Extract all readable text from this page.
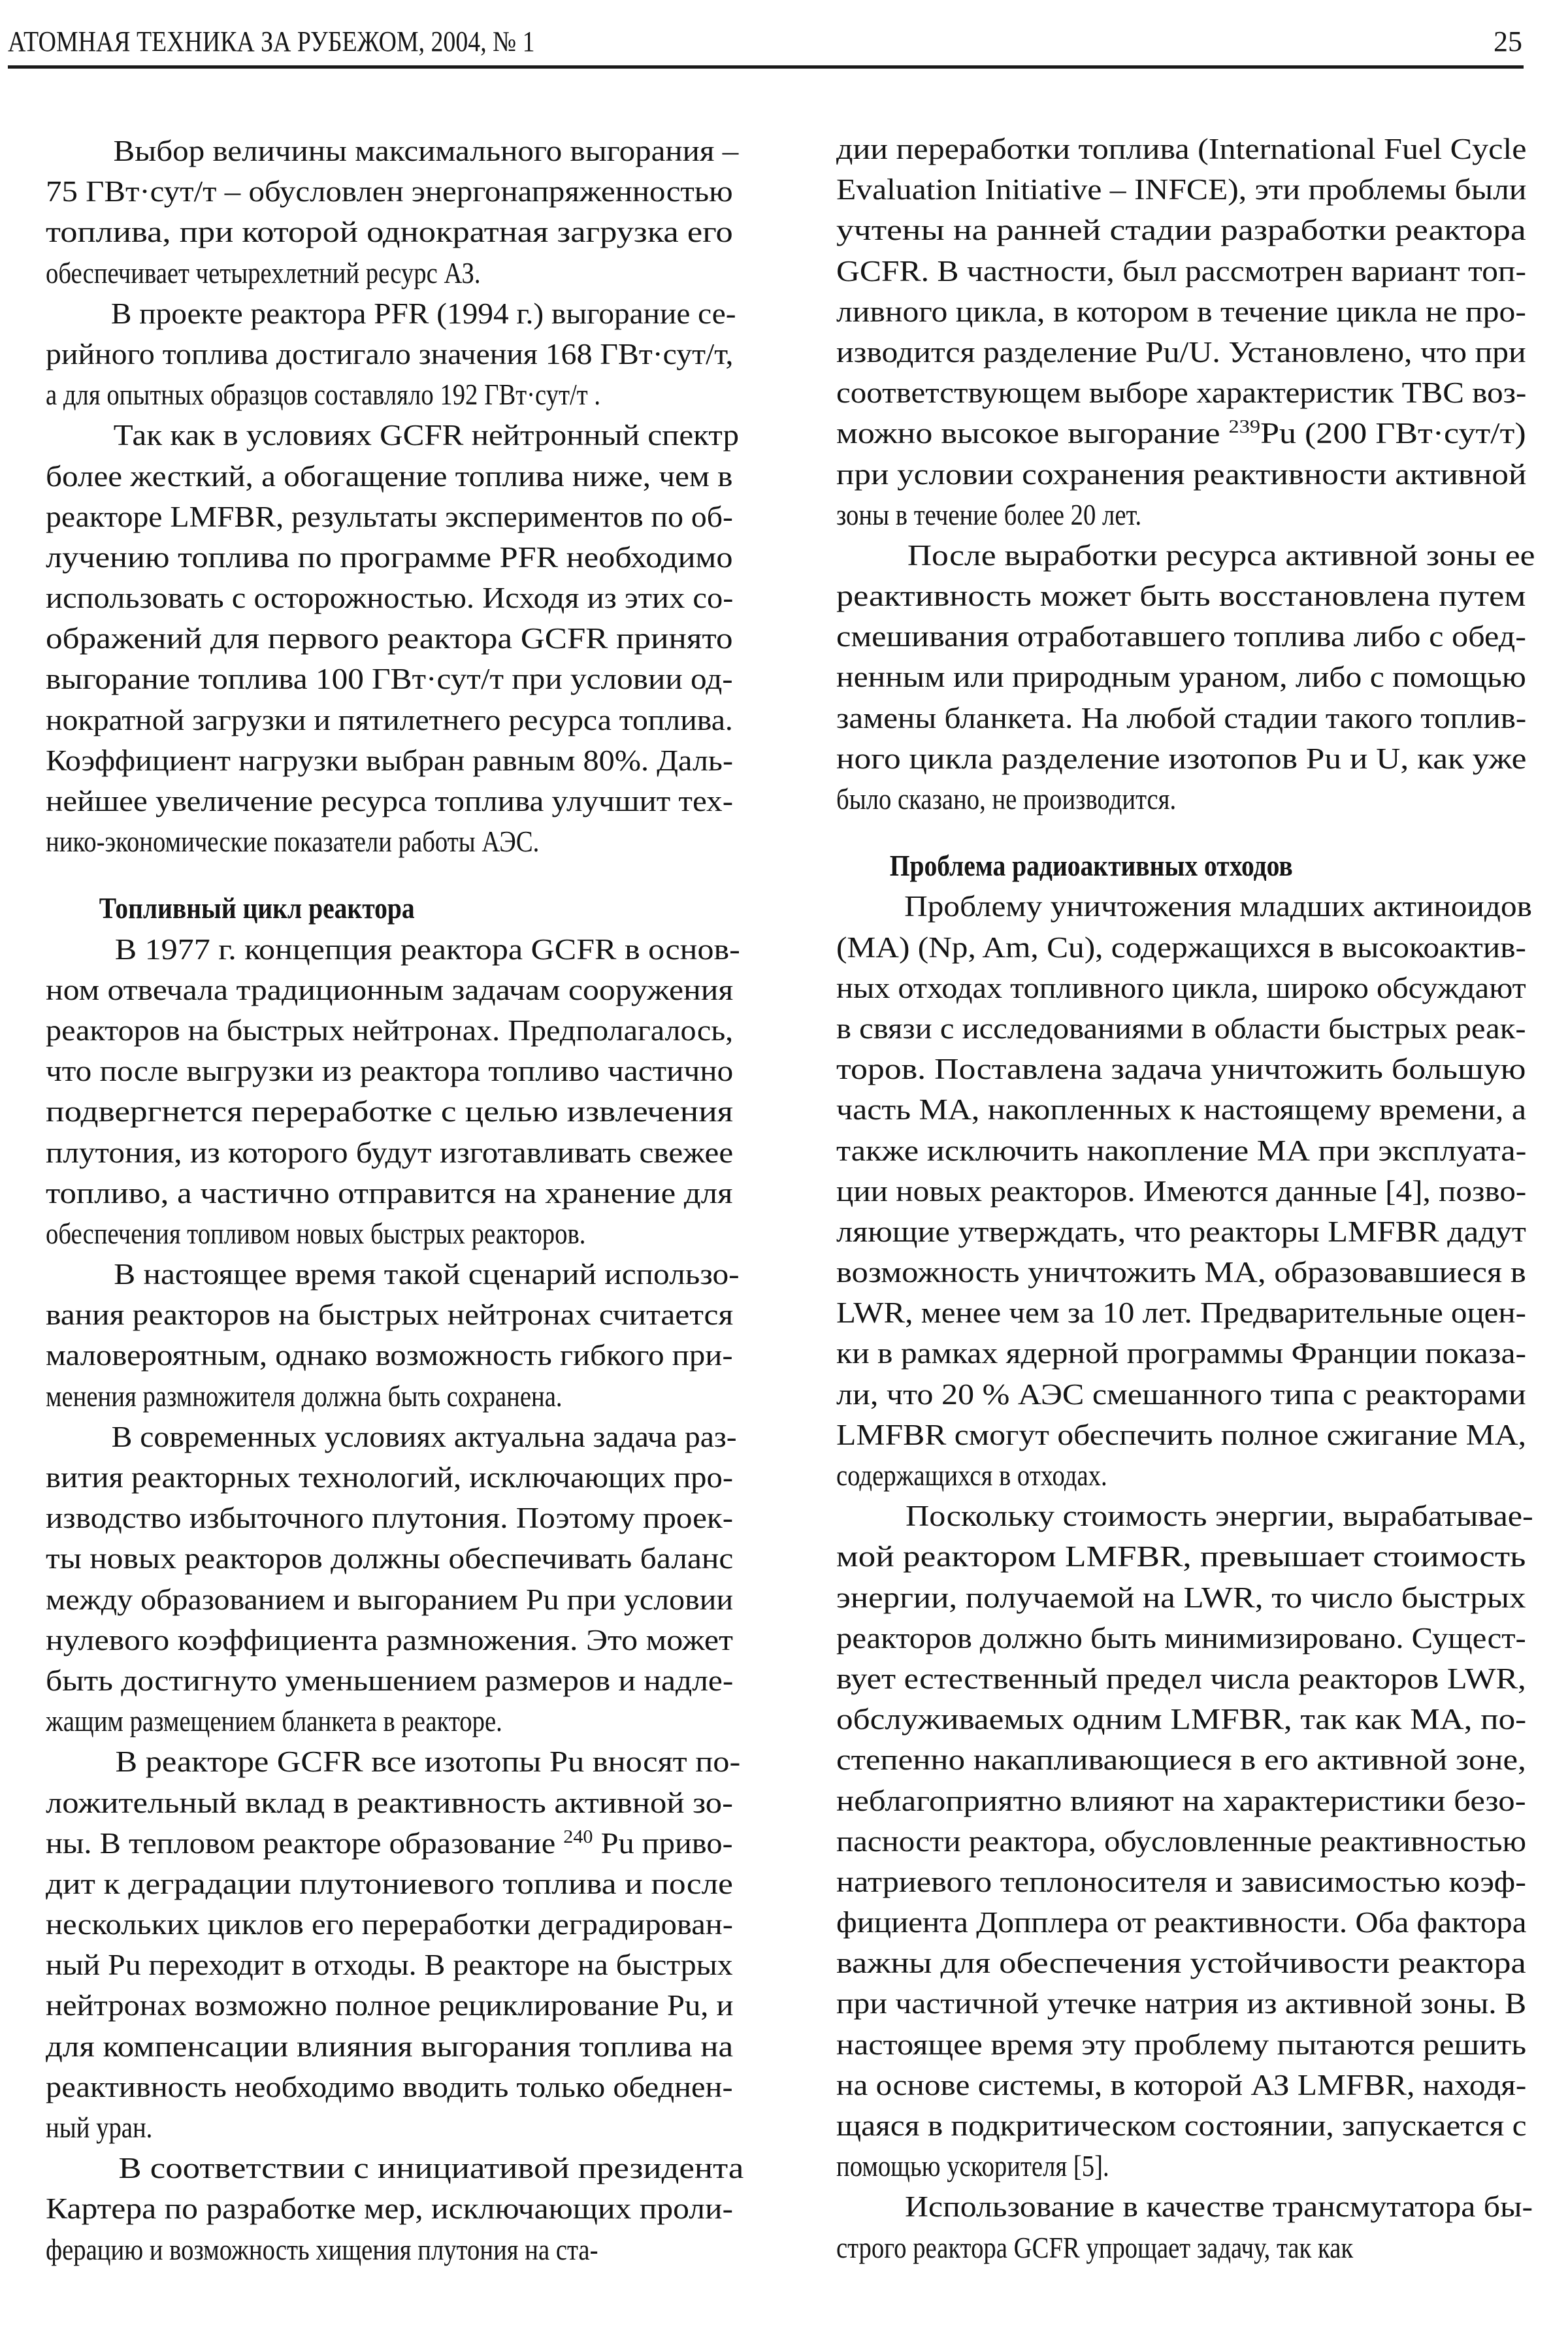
АТОМНАЯ ТЕХНИКА ЗА РУБЕЖОМ, 2004, № 1	25
Выбор величины максимального выгорания –
75 ГВт·сут/т – обусловлен энергонапряженностью
топлива, при которой однократная загрузка его
обеспечивает четырехлетний ресурс АЗ.
В проекте реактора PFR (1994 г.) выгорание се-
рийного топлива достигало значения 168 ГВт·сут/т,
а для опытных образцов составляло 192 ГВт·сут/т .
Так как в условиях GCFR нейтронный спектр
более жесткий, а обогащение топлива ниже, чем в
реакторе LMFBR, результаты экспериментов по об-
лучению топлива по программе PFR необходимо
использовать с осторожностью. Исходя из этих со-
ображений для первого реактора GCFR принято
выгорание топлива 100 ГВт·сут/т при условии од-
нократной загрузки и пятилетнего ресурса топлива.
Коэффициент нагрузки выбран равным 80%. Даль-
нейшее увеличение ресурса топлива улучшит тех-
нико-экономические показатели работы АЭС.
Топливный цикл реактора
В 1977 г. концепция реактора GCFR в основ-
ном отвечала традиционным задачам сооружения
реакторов на быстрых нейтронах. Предполагалось,
что после выгрузки из реактора топливо частично
подвергнется переработке с целью извлечения
плутония, из которого будут изготавливать свежее
топливо, а частично отправится на хранение для
обеспечения топливом новых быстрых реакторов.
В настоящее время такой сценарий использо-
вания реакторов на быстрых нейтронах считается
маловероятным, однако возможность гибкого при-
менения размножителя должна быть сохранена.
В современных условиях актуальна задача раз-
вития реакторных технологий, исключающих про-
изводство избыточного плутония. Поэтому проек-
ты новых реакторов должны обеспечивать баланс
между образованием и выгоранием Pu при условии
нулевого коэффициента размножения. Это может
быть достигнуто уменьшением размеров и надле-
жащим размещением бланкета в реакторе.
В реакторе GCFR все изотопы Pu вносят по-
ложительный вклад в реактивность активной зо-
ны. В тепловом реакторе образование $^{240}$ Pu приво-
дит к деградации плутониевого топлива и после
нескольких циклов его переработки деградирован-
ный Pu переходит в отходы. В реакторе на быстрых
нейтронах возможно полное рециклирование Pu, и
для компенсации влияния выгорания топлива на
реактивность необходимо вводить только обеднен-
ный уран.
В соответствии с инициативой президента
Картера по разработке мер, исключающих проли-
ферацию и возможность хищения плутония на ста-
дии переработки топлива (International Fuel Cycle
Evaluation Initiative – INFCE), эти проблемы были
учтены на ранней стадии разработки реактора
GCFR. В частности, был рассмотрен вариант топ-
ливного цикла, в котором в течение цикла не про-
изводится разделение Pu/U. Установлено, что при
соответствующем выборе характеристик ТВС воз-
можно высокое выгорание $^{239}$Pu (200 ГВт·сут/т)
при условии сохранения реактивности активной
зоны в течение более 20 лет.
После выработки ресурса активной зоны ее
реактивность может быть восстановлена путем
смешивания отработавшего топлива либо с обед-
ненным или природным ураном, либо с помощью
замены бланкета. На любой стадии такого топлив-
ного цикла разделение изотопов Pu и U, как уже
было сказано, не производится.
Проблема радиоактивных отходов
Проблему уничтожения младших актиноидов
(МА) (Np, Am, Cu), содержащихся в высокоактив-
ных отходах топливного цикла, широко обсуждают
в связи с исследованиями в области быстрых реак-
торов. Поставлена задача уничтожить большую
часть МА, накопленных к настоящему времени, а
также исключить накопление МА при эксплуата-
ции новых реакторов. Имеются данные [4], позво-
ляющие утверждать, что реакторы LMFBR дадут
возможность уничтожить МА, образовавшиеся в
LWR, менее чем за 10 лет. Предварительные оцен-
ки в рамках ядерной программы Франции показа-
ли, что 20 % АЭС смешанного типа с реакторами
LMFBR смогут обеспечить полное сжигание МА,
содержащихся в отходах.
Поскольку стоимость энергии, вырабатывае-
мой реактором LMFBR, превышает стоимость
энергии, получаемой на LWR, то число быстрых
реакторов должно быть минимизировано. Сущест-
вует естественный предел числа реакторов LWR,
обслуживаемых одним LMFBR, так как МА, по-
степенно накапливающиеся в его активной зоне,
неблагоприятно влияют на характеристики безо-
пасности реактора, обусловленные реактивностью
натриевого теплоносителя и зависимостью коэф-
фициента Допплера от реактивности. Оба фактора
важны для обеспечения устойчивости реактора
при частичной утечке натрия из активной зоны. В
настоящее время эту проблему пытаются решить
на основе системы, в которой АЗ LMFBR, находя-
щаяся в подкритическом состоянии, запускается с
помощью ускорителя [5].
Использование в качестве трансмутатора бы-
строго реактора GCFR упрощает задачу, так как
